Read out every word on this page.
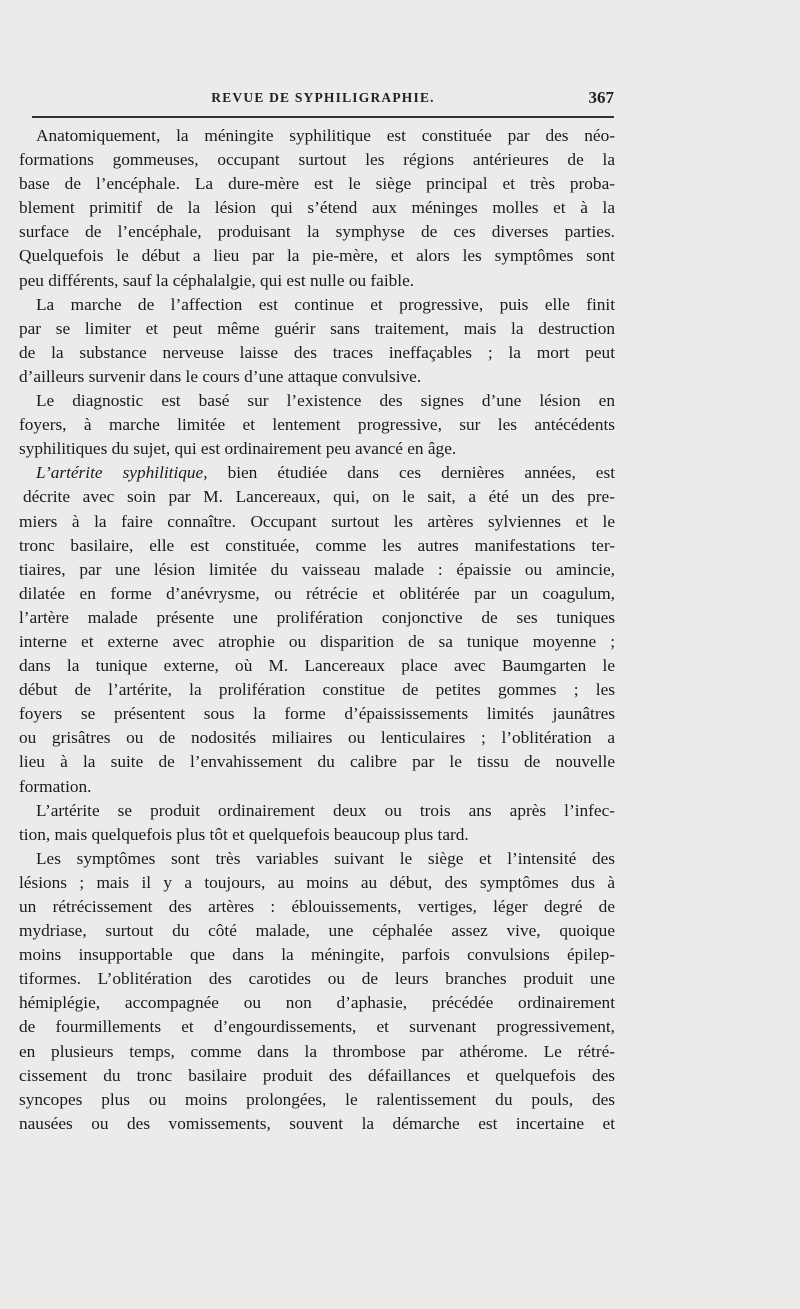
REVUE DE SYPHILIGRAPHIE.	367

Anatomiquement, la méningite syphilitique est constituée par des néo-
formations gommeuses, occupant surtout les régions antérieures de la
base de l’encéphale. La dure-mère est le siège principal et très proba-
blement primitif de la lésion qui s’étend aux méninges molles et à la
surface de l’encéphale, produisant la symphyse de ces diverses parties.
Quelquefois le début a lieu par la pie-mère, et alors les symptômes sont
peu différents, sauf la céphalalgie, qui est nulle ou faible.

La marche de l’affection est continue et progressive, puis elle finit
par se limiter et peut même guérir sans traitement, mais la destruction
de la substance nerveuse laisse des traces ineffaçables ; la mort peut
d’ailleurs survenir dans le cours d’une attaque convulsive.

Le diagnostic est basé sur l’existence des signes d’une lésion en
foyers, à marche limitée et lentement progressive, sur les antécédents
syphilitiques du sujet, qui est ordinairement peu avancé en âge.

L’artérite syphilitique, bien étudiée dans ces dernières années, est
décrite avec soin par M. Lancereaux, qui, on le sait, a été un des pre-
miers à la faire connaître. Occupant surtout les artères sylviennes et le
tronc basilaire, elle est constituée, comme les autres manifestations ter-
tiaires, par une lésion limitée du vaisseau malade : épaissie ou amincie,
dilatée en forme d’anévrysme, ou rétrécie et oblitérée par un coagulum,
l’artère malade présente une prolifération conjonctive de ses tuniques
interne et externe avec atrophie ou disparition de sa tunique moyenne ;
dans la tunique externe, où M. Lancereaux place avec Baumgarten le
début de l’artérite, la prolifération constitue de petites gommes ; les
foyers se présentent sous la forme d’épaississements limités jaunâtres
ou grisâtres ou de nodosités miliaires ou lenticulaires ; l’oblitération a
lieu à la suite de l’envahissement du calibre par le tissu de nouvelle
formation.

L’artérite se produit ordinairement deux ou trois ans après l’infec-
tion, mais quelquefois plus tôt et quelquefois beaucoup plus tard.

Les symptômes sont très variables suivant le siège et l’intensité des
lésions ; mais il y a toujours, au moins au début, des symptômes dus à
un rétrécissement des artères : éblouissements, vertiges, léger degré de
mydriase, surtout du côté malade, une céphalée assez vive, quoique
moins insupportable que dans la méningite, parfois convulsions épilep-
tiformes. L’oblitération des carotides ou de leurs branches produit une
hémiplégie, accompagnée ou non d’aphasie, précédée ordinairement
de fourmillements et d’engourdissements, et survenant progressivement,
en plusieurs temps, comme dans la thrombose par athérome. Le rétré-
cissement du tronc basilaire produit des défaillances et quelquefois des
syncopes plus ou moins prolongées, le ralentissement du pouls, des
nausées ou des vomissements, souvent la démarche est incertaine et
